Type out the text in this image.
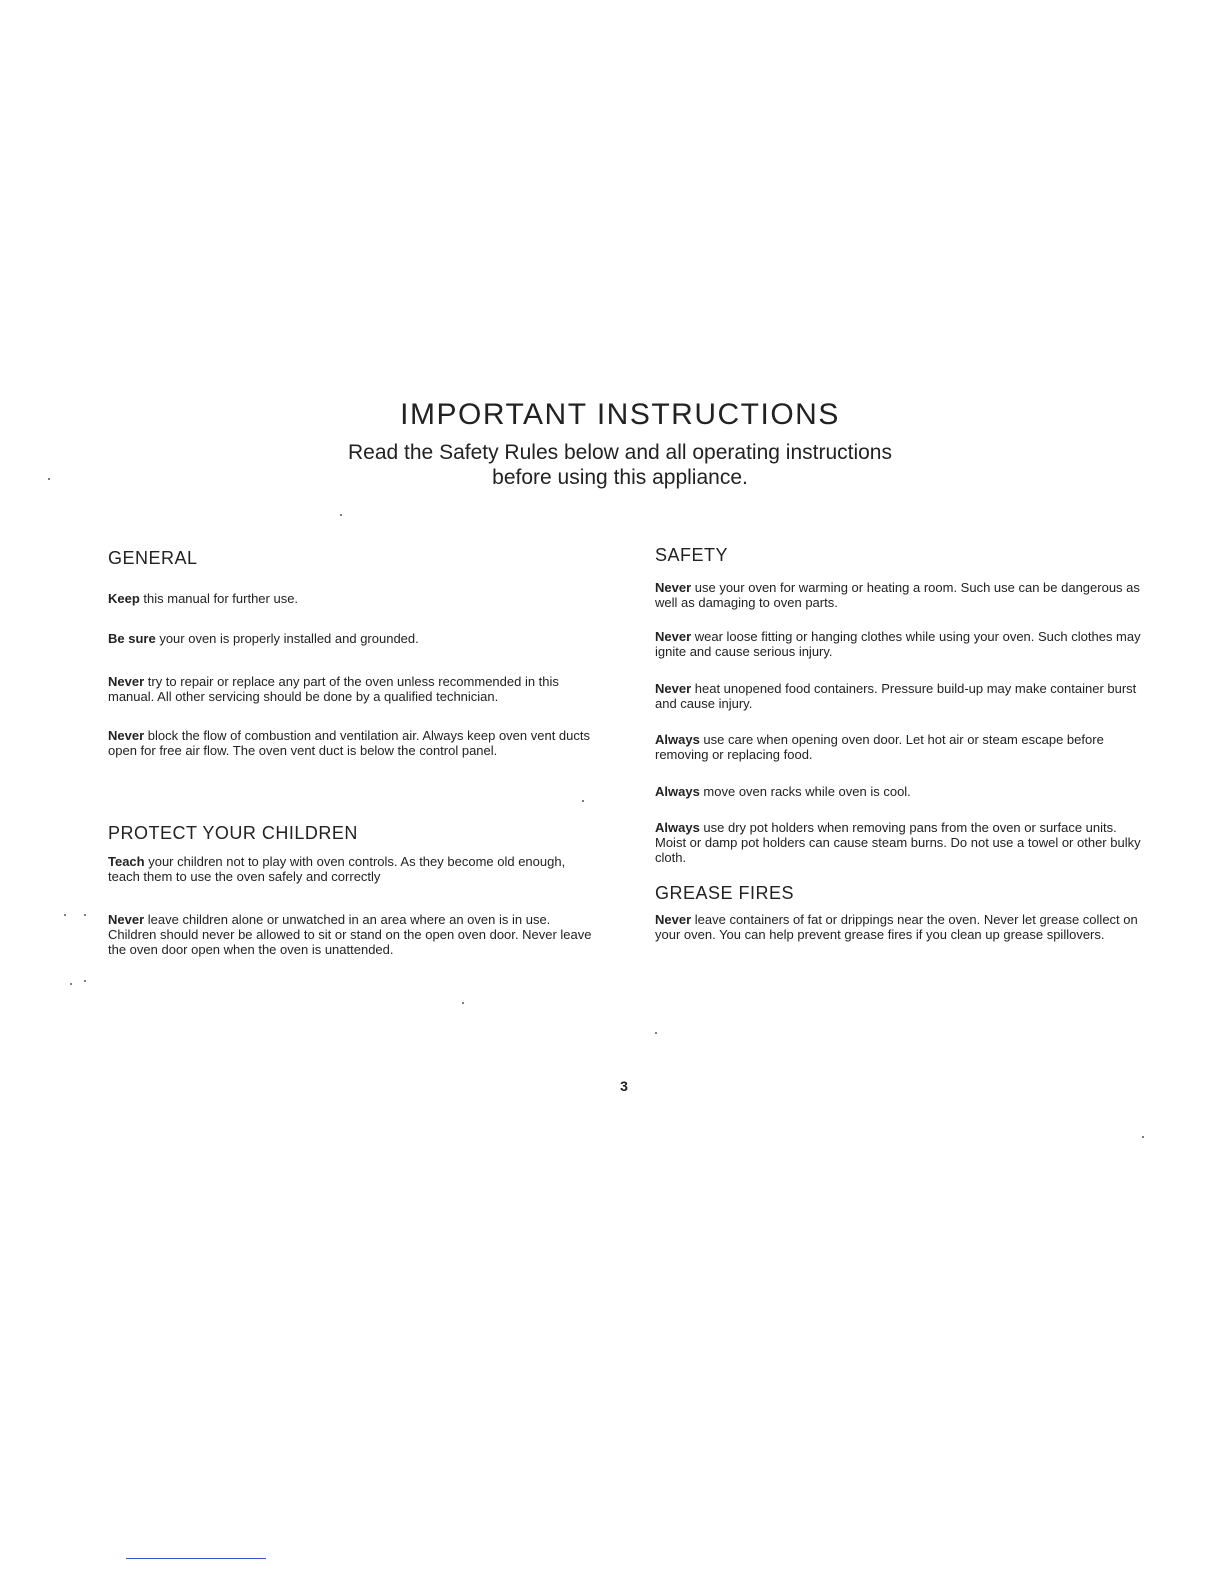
IMPORTANT INSTRUCTIONS
Read the Safety Rules below and all operating instructions
before using this appliance.
GENERAL

Keep this manual for further use.

Be sure your oven is properly installed and grounded.

Never try to repair or replace any part of the oven unless recommended in this manual. All other servicing should be done by a qualified technician.

Never block the flow of combustion and ventilation air. Always keep oven vent ducts open for free air flow. The oven vent duct is below the control panel.

PROTECT YOUR CHILDREN

Teach your children not to play with oven controls. As they become old enough, teach them to use the oven safely and correctly

Never leave children alone or unwatched in an area where an oven is in use. Children should never be allowed to sit or stand on the open oven door. Never leave the oven door open when the oven is unattended.

SAFETY

Never use your oven for warming or heating a room. Such use can be dangerous as well as damaging to oven parts.

Never wear loose fitting or hanging clothes while using your oven. Such clothes may ignite and cause serious injury.

Never heat unopened food containers. Pressure build-up may make container burst and cause injury.

Always use care when opening oven door. Let hot air or steam escape before removing or replacing food.

Always move oven racks while oven is cool.

Always use dry pot holders when removing pans from the oven or surface units. Moist or damp pot holders can cause steam burns. Do not use a towel or other bulky cloth.

GREASE FIRES

Never leave containers of fat or drippings near the oven. Never let grease collect on your oven. You can help prevent grease fires if you clean up grease spillovers.

3
